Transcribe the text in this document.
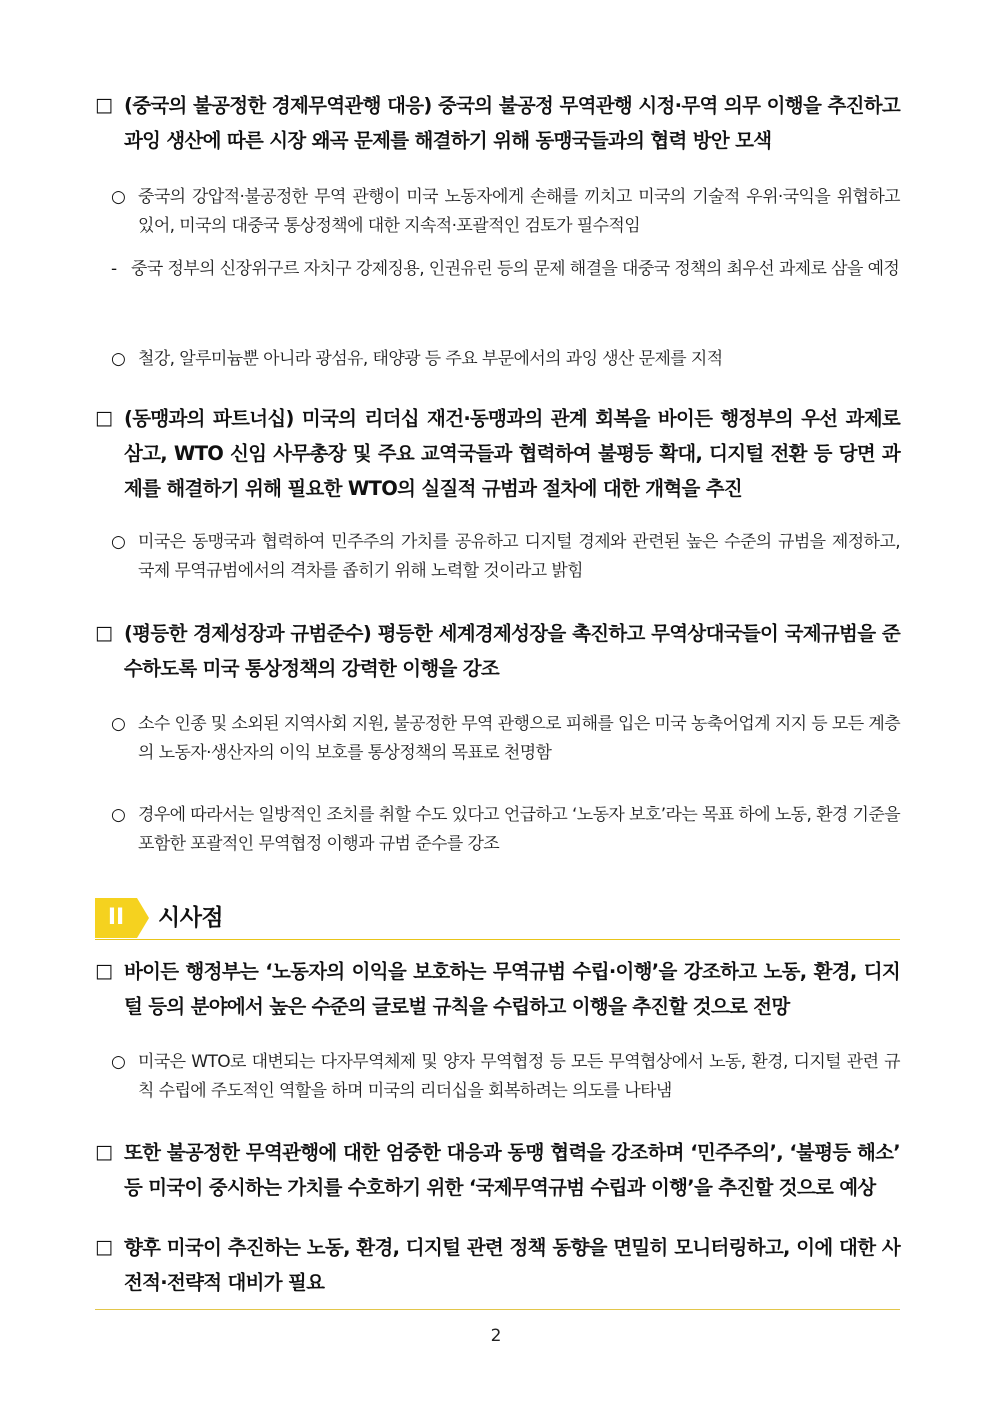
□ (중국의 불공정한 경제무역관행 대응) 중국의 불공정 무역관행 시정·무역 의무 이행을 추진하고 과잉 생산에 따른 시장 왜곡 문제를 해결하기 위해 동맹국들과의 협력 방안 모색
○ 중국의 강압적·불공정한 무역 관행이 미국 노동자에게 손해를 끼치고 미국의 기술적 우위·국익을 위협하고 있어, 미국의 대중국 통상정책에 대한 지속적·포괄적인 검토가 필수적임
- 중국 정부의 신장위구르 자치구 강제징용, 인권유린 등의 문제 해결을 대중국 정책의 최우선 과제로 삼을 예정
○ 철강, 알루미늄뿐 아니라 광섬유, 태양광 등 주요 부문에서의 과잉 생산 문제를 지적
□ (동맹과의 파트너십) 미국의 리더십 재건·동맹과의 관계 회복을 바이든 행정부의 우선 과제로 삼고, WTO 신임 사무총장 및 주요 교역국들과 협력하여 불평등 확대, 디지털 전환 등 당면 과제를 해결하기 위해 필요한 WTO의 실질적 규범과 절차에 대한 개혁을 추진
○ 미국은 동맹국과 협력하여 민주주의 가치를 공유하고 디지털 경제와 관련된 높은 수준의 규범을 제정하고, 국제 무역규범에서의 격차를 좁히기 위해 노력할 것이라고 밝힘
□ (평등한 경제성장과 규범준수) 평등한 세계경제성장을 촉진하고 무역상대국들이 국제규범을 준수하도록 미국 통상정책의 강력한 이행을 강조
○ 소수 인종 및 소외된 지역사회 지원, 불공정한 무역 관행으로 피해를 입은 미국 농축어업계 지지 등 모든 계층의 노동자·생산자의 이익 보호를 통상정책의 목표로 천명함
○ 경우에 따라서는 일방적인 조치를 취할 수도 있다고 언급하고 ‘노동자 보호’라는 목표 하에 노동, 환경 기준을 포함한 포괄적인 무역협정 이행과 규범 준수를 강조
II	시사점
□ 바이든 행정부는 ‘노동자의 이익을 보호하는 무역규범 수립·이행’을 강조하고 노동, 환경, 디지털 등의 분야에서 높은 수준의 글로벌 규칙을 수립하고 이행을 추진할 것으로 전망
○ 미국은 WTO로 대변되는 다자무역체제 및 양자 무역협정 등 모든 무역협상에서 노동, 환경, 디지털 관련 규칙 수립에 주도적인 역할을 하며 미국의 리더십을 회복하려는 의도를 나타냄
□ 또한 불공정한 무역관행에 대한 엄중한 대응과 동맹 협력을 강조하며 ‘민주주의’, ‘불평등 해소’ 등 미국이 중시하는 가치를 수호하기 위한 ‘국제무역규범 수립과 이행’을 추진할 것으로 예상
□ 향후 미국이 추진하는 노동, 환경, 디지털 관련 정책 동향을 면밀히 모니터링하고, 이에 대한 사전적·전략적 대비가 필요
2
